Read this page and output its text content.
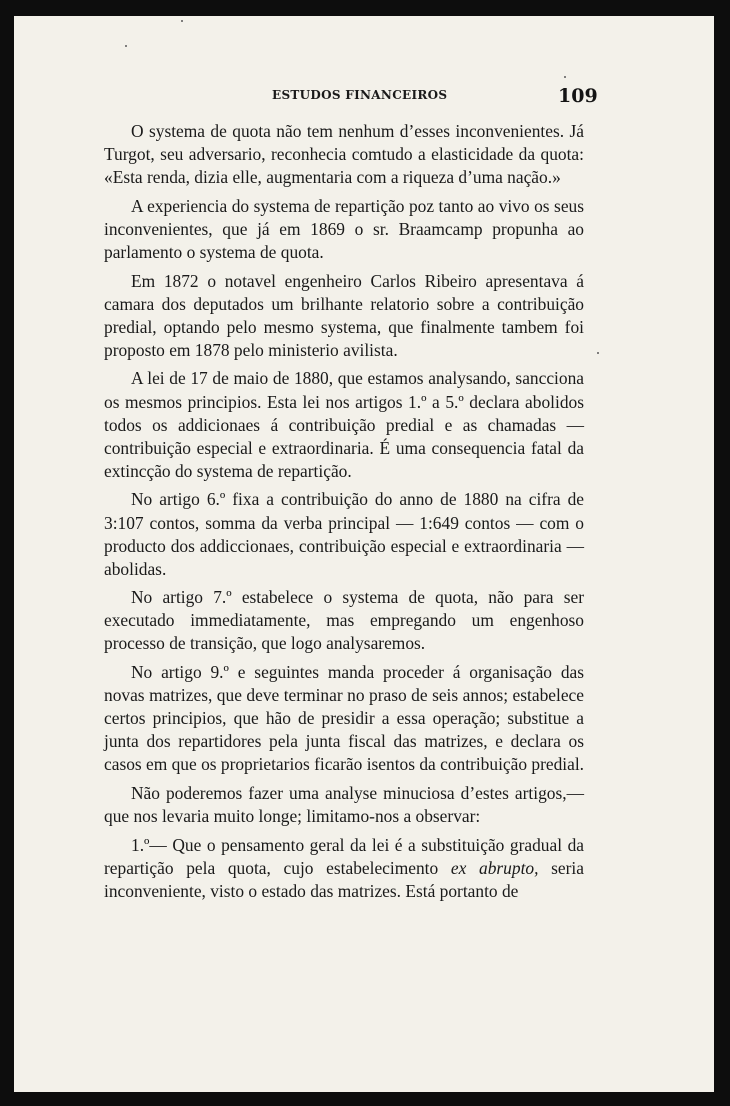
ESTUDOS FINANCEIROS	109

O systema de quota não tem nenhum d’esses inconvenientes. Já Turgot, seu adversario, reconhecia comtudo a elasticidade da quota: «Esta renda, dizia elle, augmentaria com a riqueza d’uma nação.»

A experiencia do systema de repartição poz tanto ao vivo os seus inconvenientes, que já em 1869 o sr. Braamcamp propunha ao parlamento o systema de quota.

Em 1872 o notavel engenheiro Carlos Ribeiro apresentava á camara dos deputados um brilhante relatorio sobre a contribuição predial, optando pelo mesmo systema, que finalmente tambem foi proposto em 1878 pelo ministerio avilista.

A lei de 17 de maio de 1880, que estamos analysando, sancciona os mesmos principios. Esta lei nos artigos 1.º a 5.º declara abolidos todos os addicionaes á contribuição predial e as chamadas — contribuição especial e extraordinaria. É uma consequencia fatal da extincção do systema de repartição.

No artigo 6.º fixa a contribuição do anno de 1880 na cifra de 3:107 contos, somma da verba principal — 1:649 contos — com o producto dos addiccionaes, contribuição especial e extraordinaria — abolidas.

No artigo 7.º estabelece o systema de quota, não para ser executado immediatamente, mas empregando um engenhoso processo de transição, que logo analysaremos.

No artigo 9.º e seguintes manda proceder á organisação das novas matrizes, que deve terminar no praso de seis annos; estabelece certos principios, que hão de presidir a essa operação; substitue a junta dos repartidores pela junta fiscal das matrizes, e declara os casos em que os proprietarios ficarão isentos da contribuição predial.

Não poderemos fazer uma analyse minuciosa d’estes artigos,— que nos levaria muito longe; limitamo-nos a observar:

1.º— Que o pensamento geral da lei é a substituição gradual da repartição pela quota, cujo estabelecimento ex abrupto, seria inconveniente, visto o estado das matrizes. Está portanto de
